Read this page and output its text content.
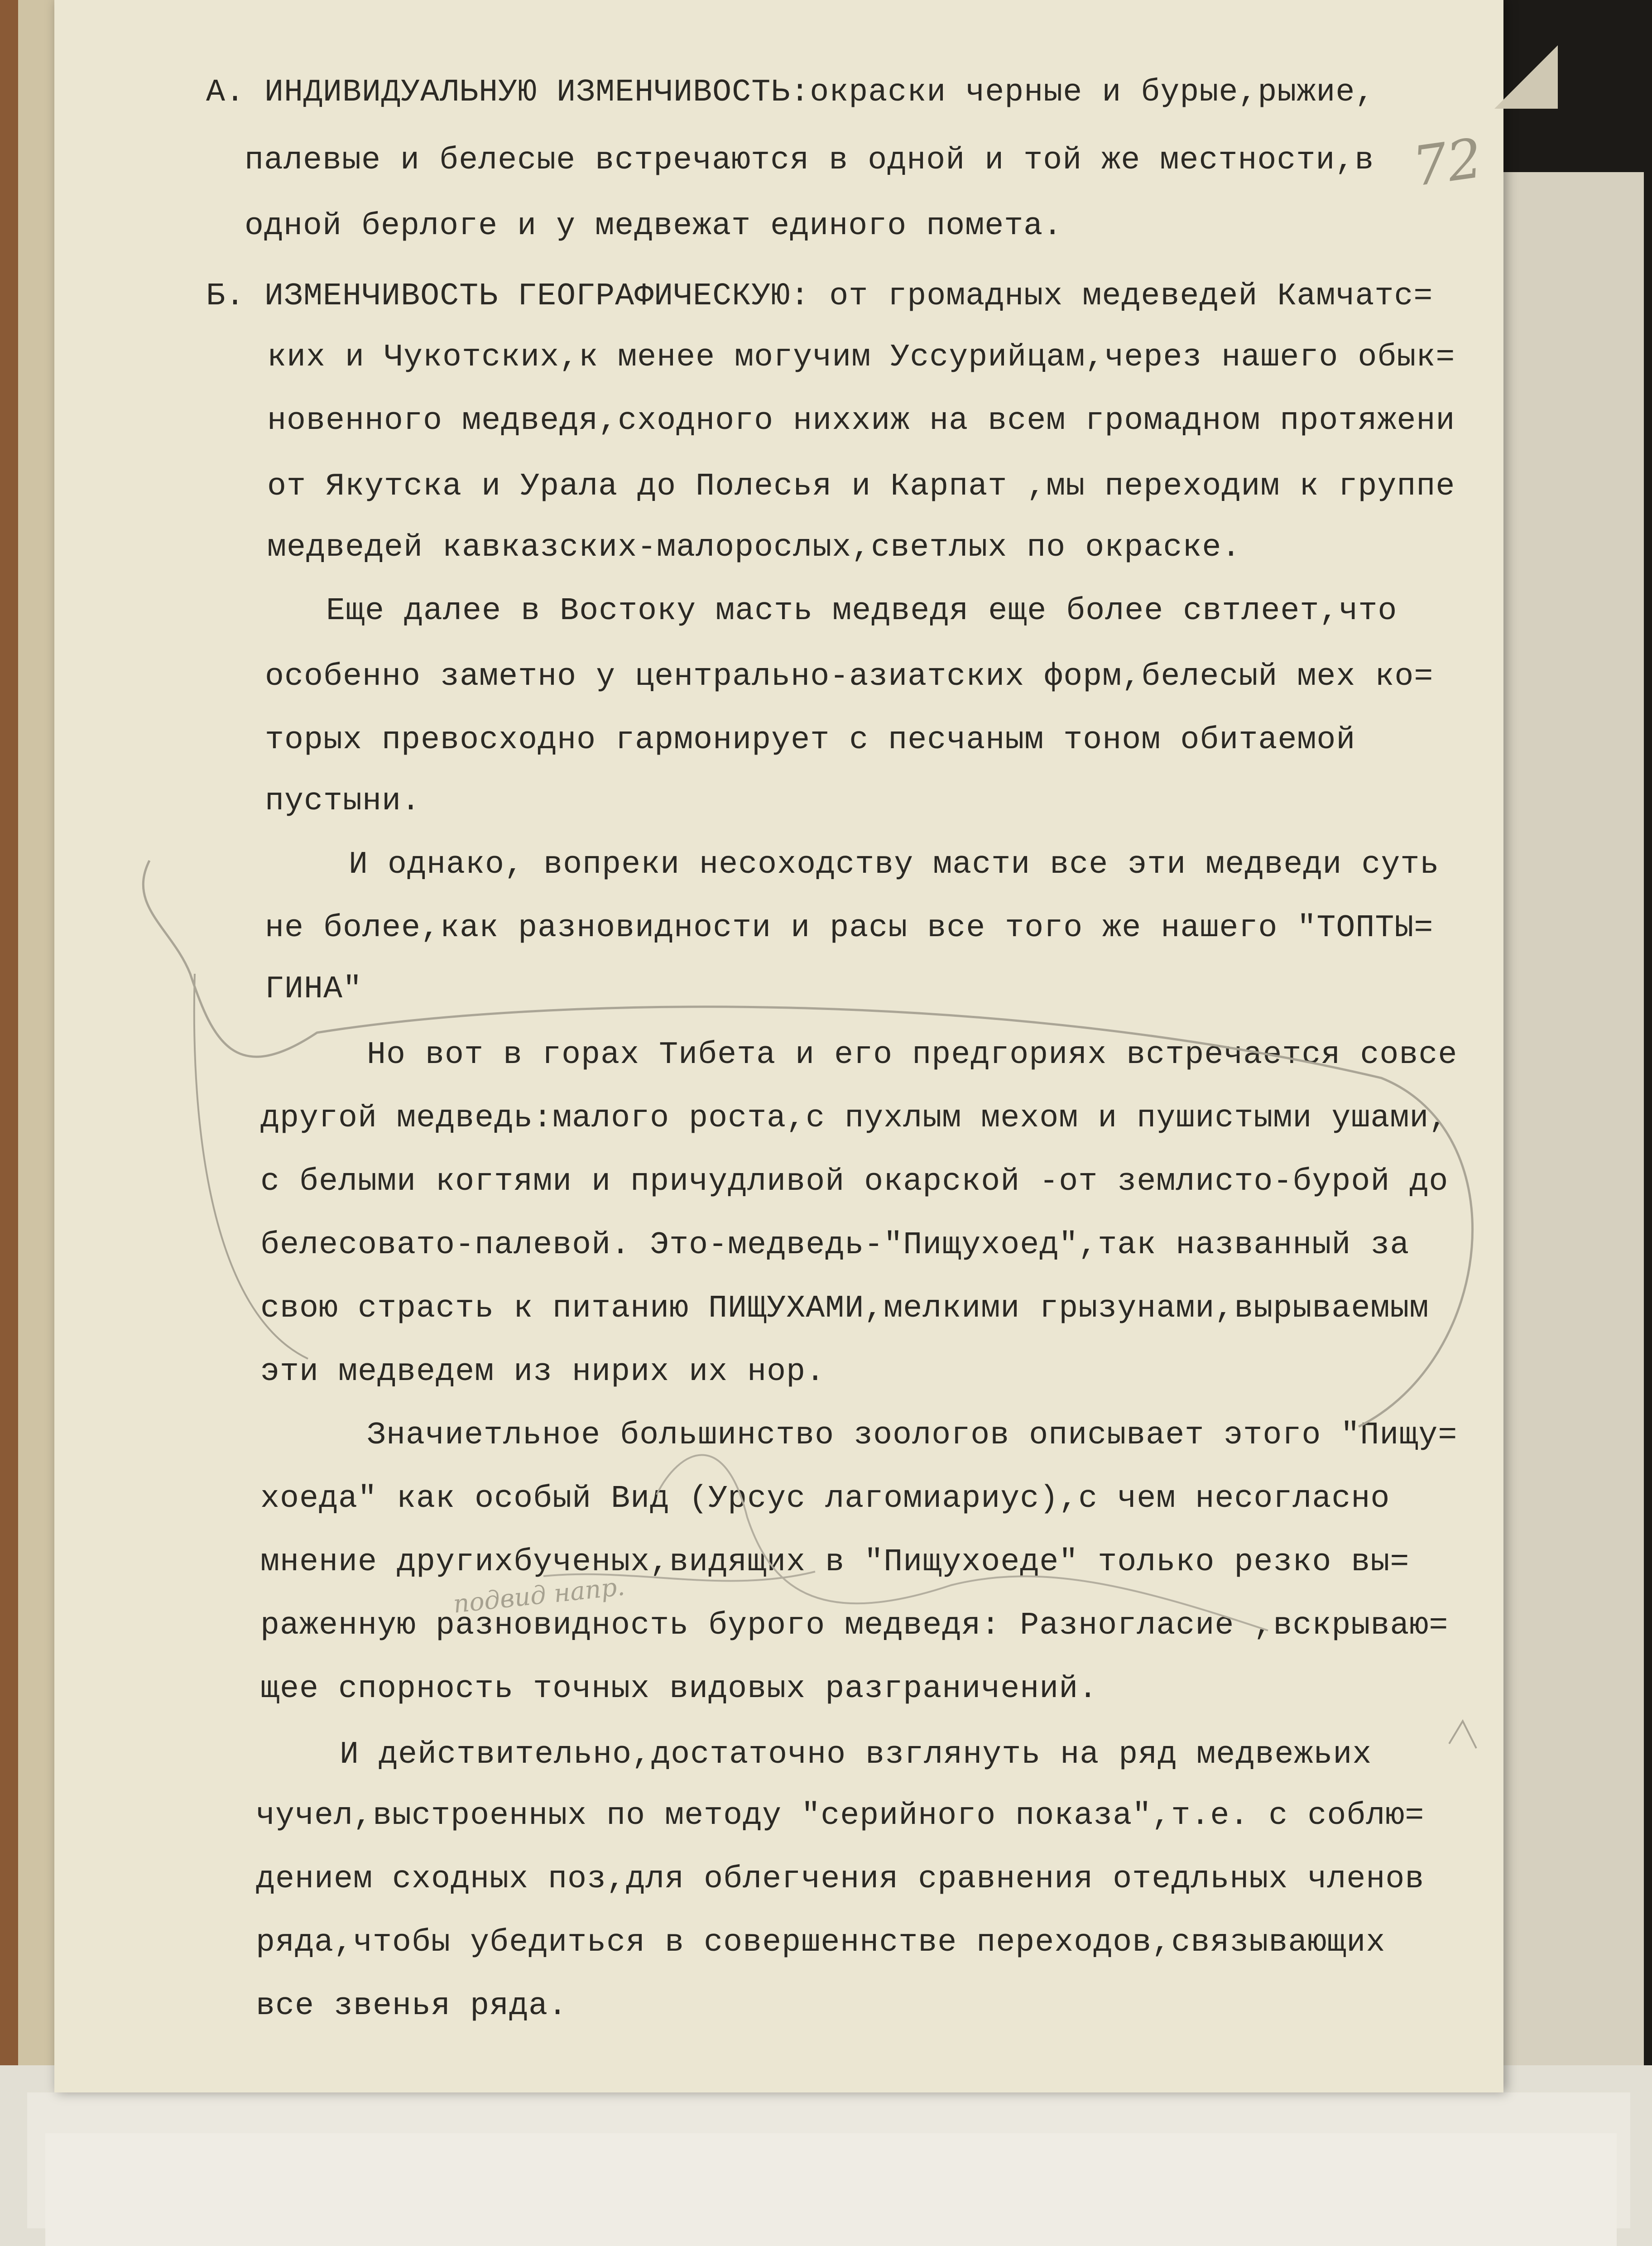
А. ИНДИВИДУАЛЬНУЮ ИЗМЕНЧИВОСТЬ:окраски черные и бурые,рыжие,
палевые и белесые встречаются в одной и той же местности,в
одной берлоге и у медвежат единого помета.
Б. ИЗМЕНЧИВОСТЬ ГЕОГРАФИЧЕСКУЮ: от громадных медеведей Камчатс=
ких и Чукотских,к менее могучим Уссурийцам,через нашего обык=
новенного медведя,сходного ниххиж на всем громадном протяжени
от Якутска и Урала до Полесья и Карпат ,мы переходим к группе
медведей кавказских-малорослых,светлых по окраске.
Еще далее в Востоку масть медведя еще более свтлеет,что
особенно заметно у центрально-азиатских форм,белесый мех ко=
торых прeвосходно гармонирует с песчаным тоном обитаемой
пустыни.
И однако, вопреки несоходству масти все эти медведи суть
не более,как разновидности и расы все того же нашего "ТОПТЫ=
ГИНА"
Но вот в горах Тибета и его предгориях встречается совсе
другой медведь:малого роста,с пухлым мехом и пушистыми ушами,
с белыми когтями и причудливой окарской -от землисто-бурой до
белесовато-палевой. Это-медведь-"Пищухоед",так названный за
свою страсть к питанию ПИЩУХАМИ,мелкими грызунами,вырываемым
эти медведем из нирих их нор.
Значиетльное большинство зоологов описывает этого "Пищу=
хоеда" как особый Вид (Урсус лагомиариус),с чем несогласно
мнение другихбученых,видящих в "Пищухоеде" только резко вы=
раженную разновидность бурого медведя: Разногласие ,вскрываю=
щее спорность точных видовых разграничений.
И действительно,достаточно взглянуть на ряд медвежьих
чучел,выстроенных по методу "серийного показа",т.е. с соблю=
дением сходных поз,для облегчения сравнения отедльных членов
ряда,чтобы убедиться в совершеннстве переходов,связывающих
все звенья ряда.
72
подвид напр.
